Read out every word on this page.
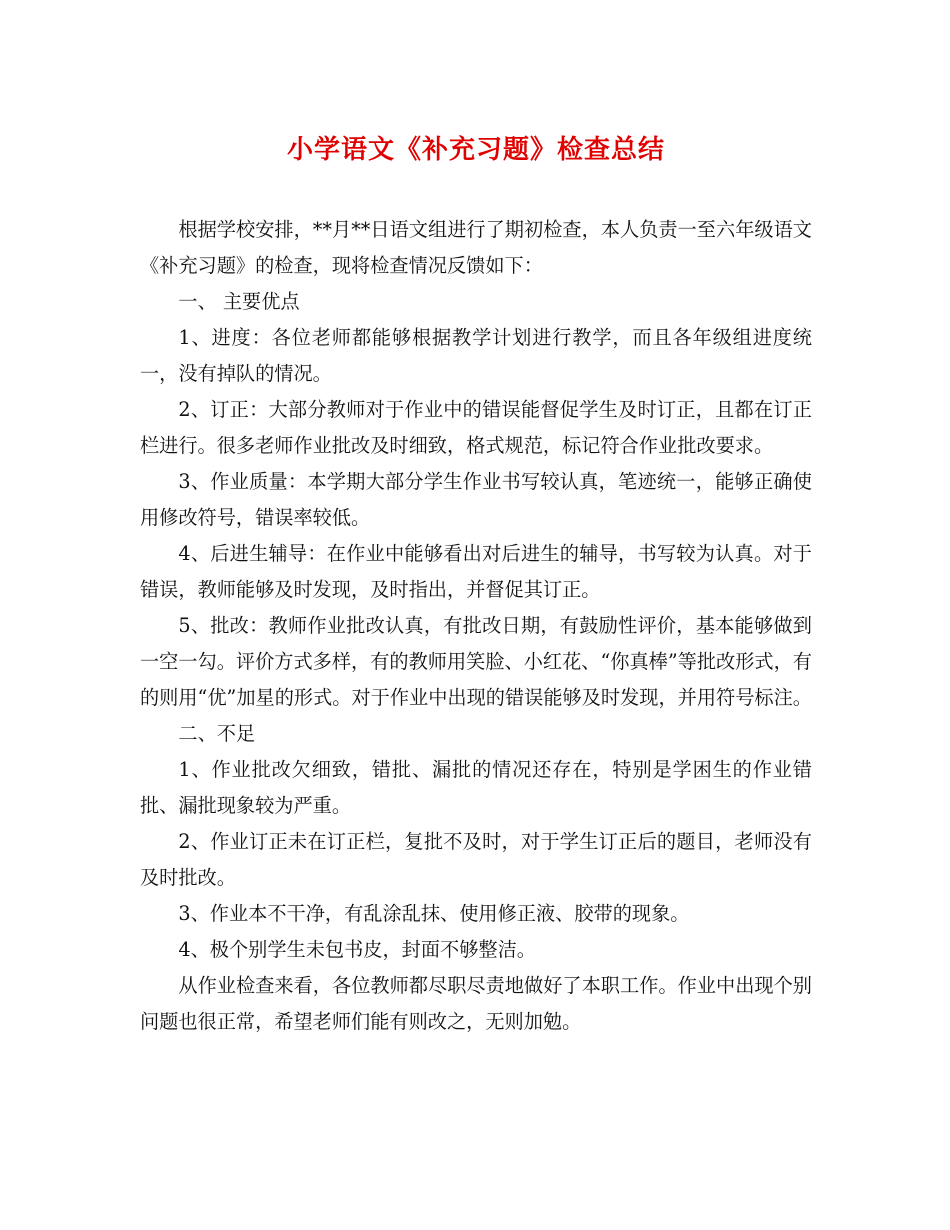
小学语文《补充习题》检查总结

根据学校安排，**月**日语文组进行了期初检查，本人负责一至六年级语文《补充习题》的检查，现将检查情况反馈如下：

一、 主要优点

1、进度：各位老师都能够根据教学计划进行教学，而且各年级组进度统一，没有掉队的情况。

2、订正：大部分教师对于作业中的错误能督促学生及时订正，且都在订正栏进行。很多老师作业批改及时细致，格式规范，标记符合作业批改要求。

3、作业质量：本学期大部分学生作业书写较认真，笔迹统一，能够正确使用修改符号，错误率较低。

4、后进生辅导：在作业中能够看出对后进生的辅导，书写较为认真。对于错误，教师能够及时发现，及时指出，并督促其订正。

5、批改：教师作业批改认真，有批改日期，有鼓励性评价，基本能够做到一空一勾。评价方式多样，有的教师用笑脸、小红花、“你真棒”等批改形式，有的则用“优”加星的形式。对于作业中出现的错误能够及时发现，并用符号标注。

二、不足

1、作业批改欠细致，错批、漏批的情况还存在，特别是学困生的作业错批、漏批现象较为严重。

2、作业订正未在订正栏，复批不及时，对于学生订正后的题目，老师没有及时批改。

3、作业本不干净，有乱涂乱抹、使用修正液、胶带的现象。

4、极个别学生未包书皮，封面不够整洁。

从作业检查来看，各位教师都尽职尽责地做好了本职工作。作业中出现个别问题也很正常，希望老师们能有则改之，无则加勉。
